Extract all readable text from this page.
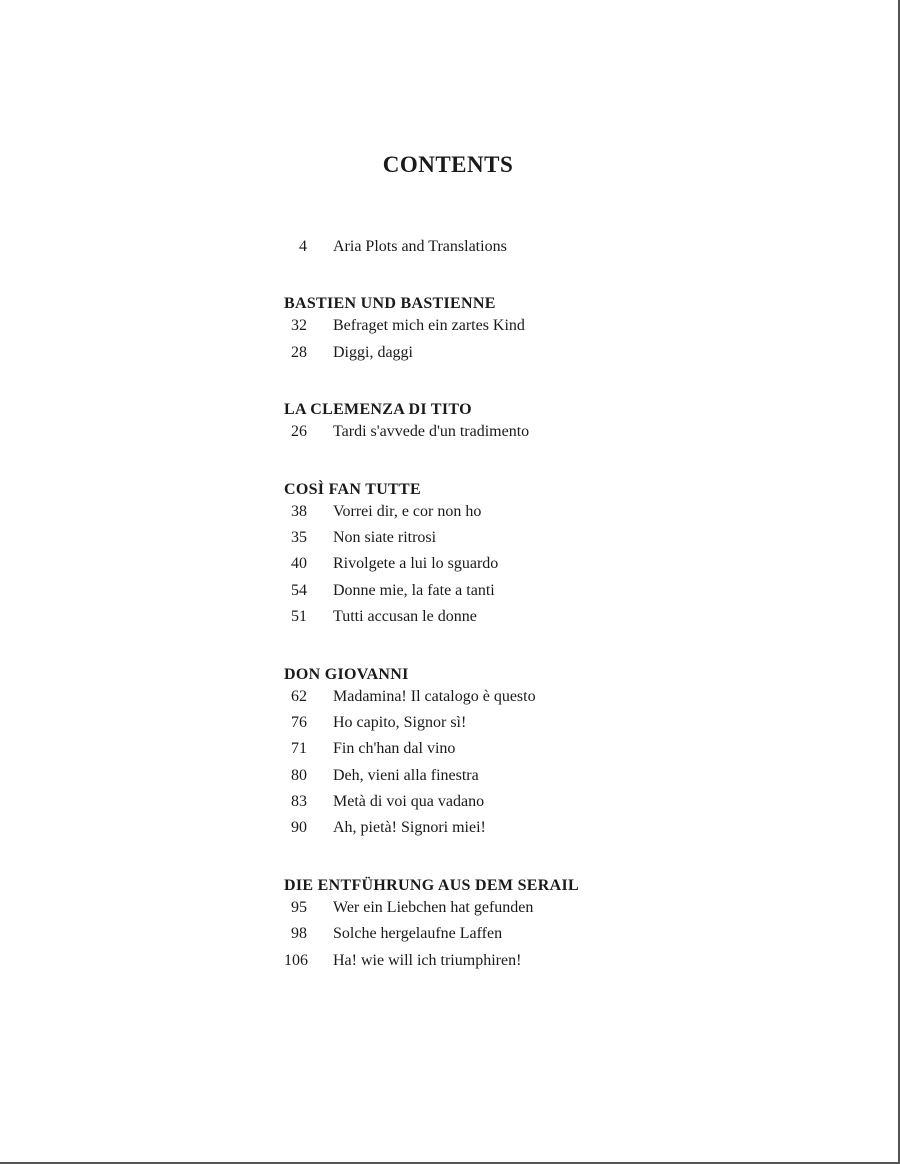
CONTENTS
4 Aria Plots and Translations
BASTIEN UND BASTIENNE
32 Befraget mich ein zartes Kind
28 Diggi, daggi
LA CLEMENZA DI TITO
26 Tardi s'avvede d'un tradimento
COSÌ FAN TUTTE
38 Vorrei dir, e cor non ho
35 Non siate ritrosi
40 Rivolgete a lui lo sguardo
54 Donne mie, la fate a tanti
51 Tutti accusan le donne
DON GIOVANNI
62 Madamina! Il catalogo è questo
76 Ho capito, Signor sì!
71 Fin ch'han dal vino
80 Deh, vieni alla finestra
83 Metà di voi qua vadano
90 Ah, pietà! Signori miei!
DIE ENTFÜHRUNG AUS DEM SERAIL
95 Wer ein Liebchen hat gefunden
98 Solche hergelaufne Laffen
106 Ha! wie will ich triumphiren!
